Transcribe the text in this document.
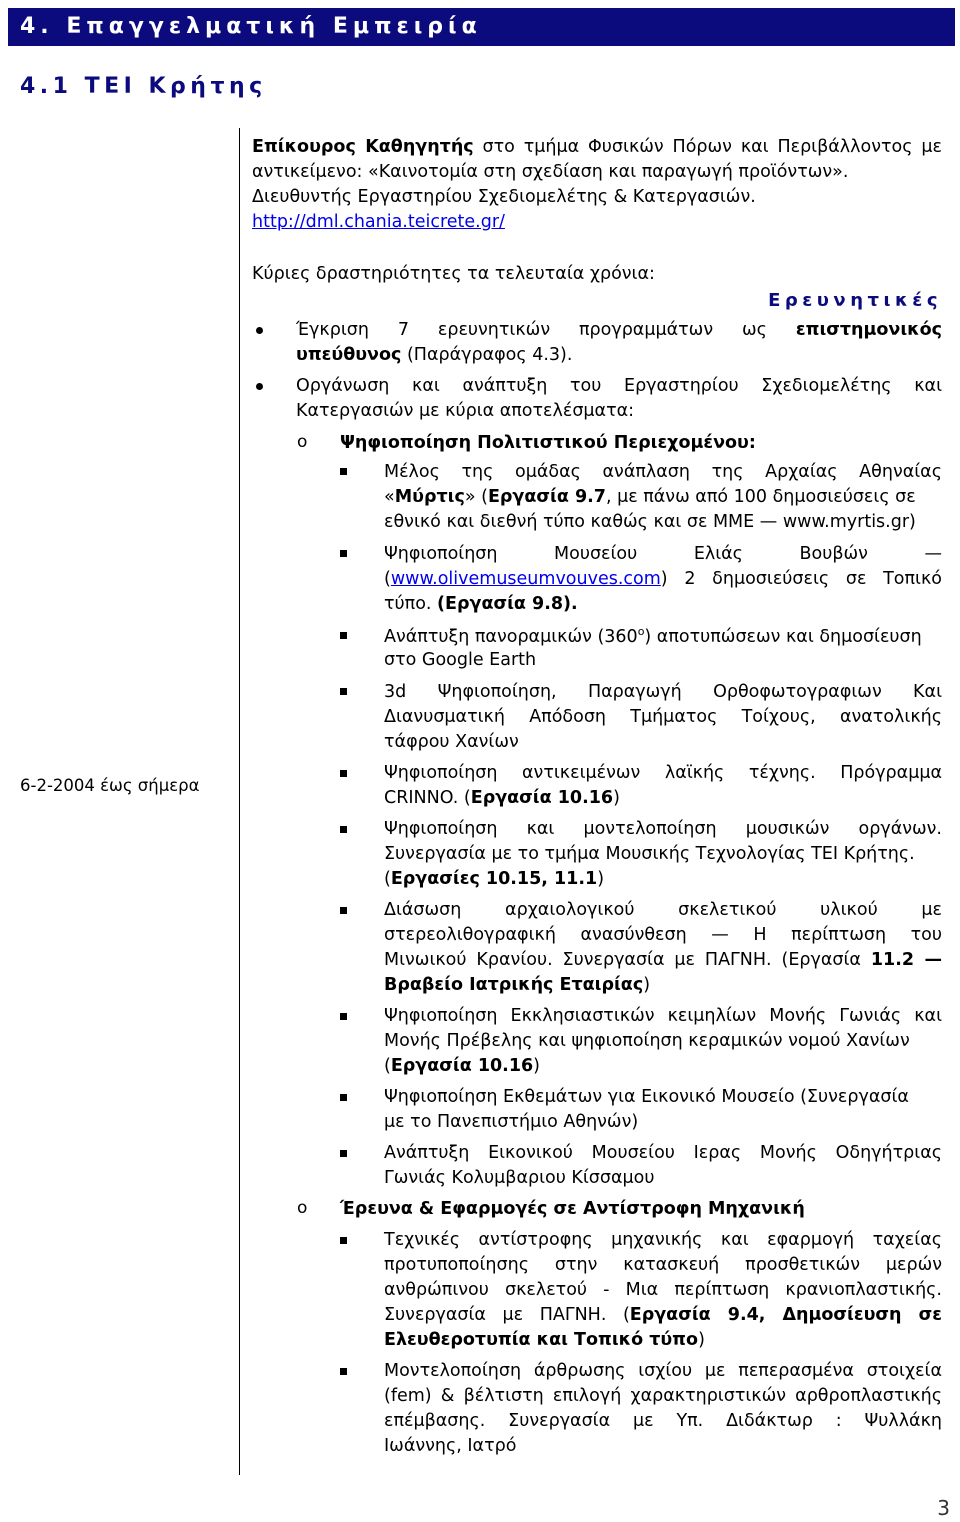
4. Επαγγελματική Εμπειρία
4.1 ΤΕΙ Κρήτης
6-2-2004 έως σήμερα
Επίκουρος Καθηγητής στο τμήμα Φυσικών Πόρων και Περιβάλλοντος με
αντικείμενο: «Καινοτομία στη σχεδίαση και παραγωγή προϊόντων».
Διευθυντής Εργαστηρίου Σχεδιομελέτης & Κατεργασιών.
http://dml.chania.teicrete.gr/
Κύριες δραστηριότητες τα τελευταία χρόνια:
Ερευνητικές
Έγκριση 7 ερευνητικών προγραμμάτων ως επιστημονικός
υπεύθυνος (Παράγραφος 4.3).
Οργάνωση και ανάπτυξη του Εργαστηρίου Σχεδιομελέτης και
Κατεργασιών με κύρια αποτελέσματα:
o Ψηφιοποίηση Πολιτιστικού Περιεχομένου:
Μέλος της ομάδας ανάπλαση της Αρχαίας Αθηναίας
«Μύρτις» (Εργασία 9.7, με πάνω από 100 δημοσιεύσεις σε
εθνικό και διεθνή τύπο καθώς και σε ΜΜΕ — www.myrtis.gr)
Ψηφιοποίηση Μουσείου Ελιάς Βουβών —
(www.olivemuseumvouves.com) 2 δημοσιεύσεις σε Τοπικό
τύπο. (Εργασία 9.8).
Ανάπτυξη πανοραμικών (360$^o$) αποτυπώσεων και δημοσίευση
στο Google Earth
3d Ψηφιοποίηση, Παραγωγή Ορθοφωτογραφιων Και
Διανυσματική Απόδοση Τμήματος Τοίχους, ανατολικής
τάφρου Χανίων
Ψηφιοποίηση αντικειμένων λαϊκής τέχνης. Πρόγραμμα
CRINNO. (Εργασία 10.16)
Ψηφιοποίηση και μοντελοποίηση μουσικών οργάνων.
Συνεργασία με το τμήμα Μουσικής Τεχνολογίας ΤΕΙ Κρήτης.
(Εργασίες 10.15, 11.1)
Διάσωση αρχαιολογικού σκελετικού υλικού με
στερεολιθογραφική ανασύνθεση — Η περίπτωση του
Μινωικού Κρανίου. Συνεργασία με ΠΑΓΝΗ. (Εργασία 11.2 —
Βραβείο Ιατρικής Εταιρίας)
Ψηφιοποίηση Εκκλησιαστικών κειμηλίων Μονής Γωνιάς και
Μονής Πρέβελης και ψηφιοποίηση κεραμικών νομού Χανίων
(Εργασία 10.16)
Ψηφιοποίηση Εκθεμάτων για Εικονικό Μουσείο (Συνεργασία
με το Πανεπιστήμιο Αθηνών)
Ανάπτυξη Εικονικού Μουσείου Ιερας Μονής Οδηγήτριας
Γωνιάς Κολυμβαριου Κίσσαμου
o Έρευνα & Εφαρμογές σε Αντίστροφη Μηχανική
Τεχνικές αντίστροφης μηχανικής και εφαρμογή ταχείας
προτυποποίησης στην κατασκευή προσθετικών μερών
ανθρώπινου σκελετού - Μια περίπτωση κρανιοπλαστικής.
Συνεργασία με ΠΑΓΝΗ. (Εργασία 9.4, Δημοσίευση σε
Ελευθεροτυπία και Τοπικό τύπο)
Μοντελοποίηση άρθρωσης ισχίου με πεπερασμένα στοιχεία
(fem) & βέλτιστη επιλογή χαρακτηριστικών αρθροπλαστικής
επέμβασης. Συνεργασία με Υπ. Διδάκτωρ : Ψυλλάκη
Ιωάννης, Ιατρό
3
